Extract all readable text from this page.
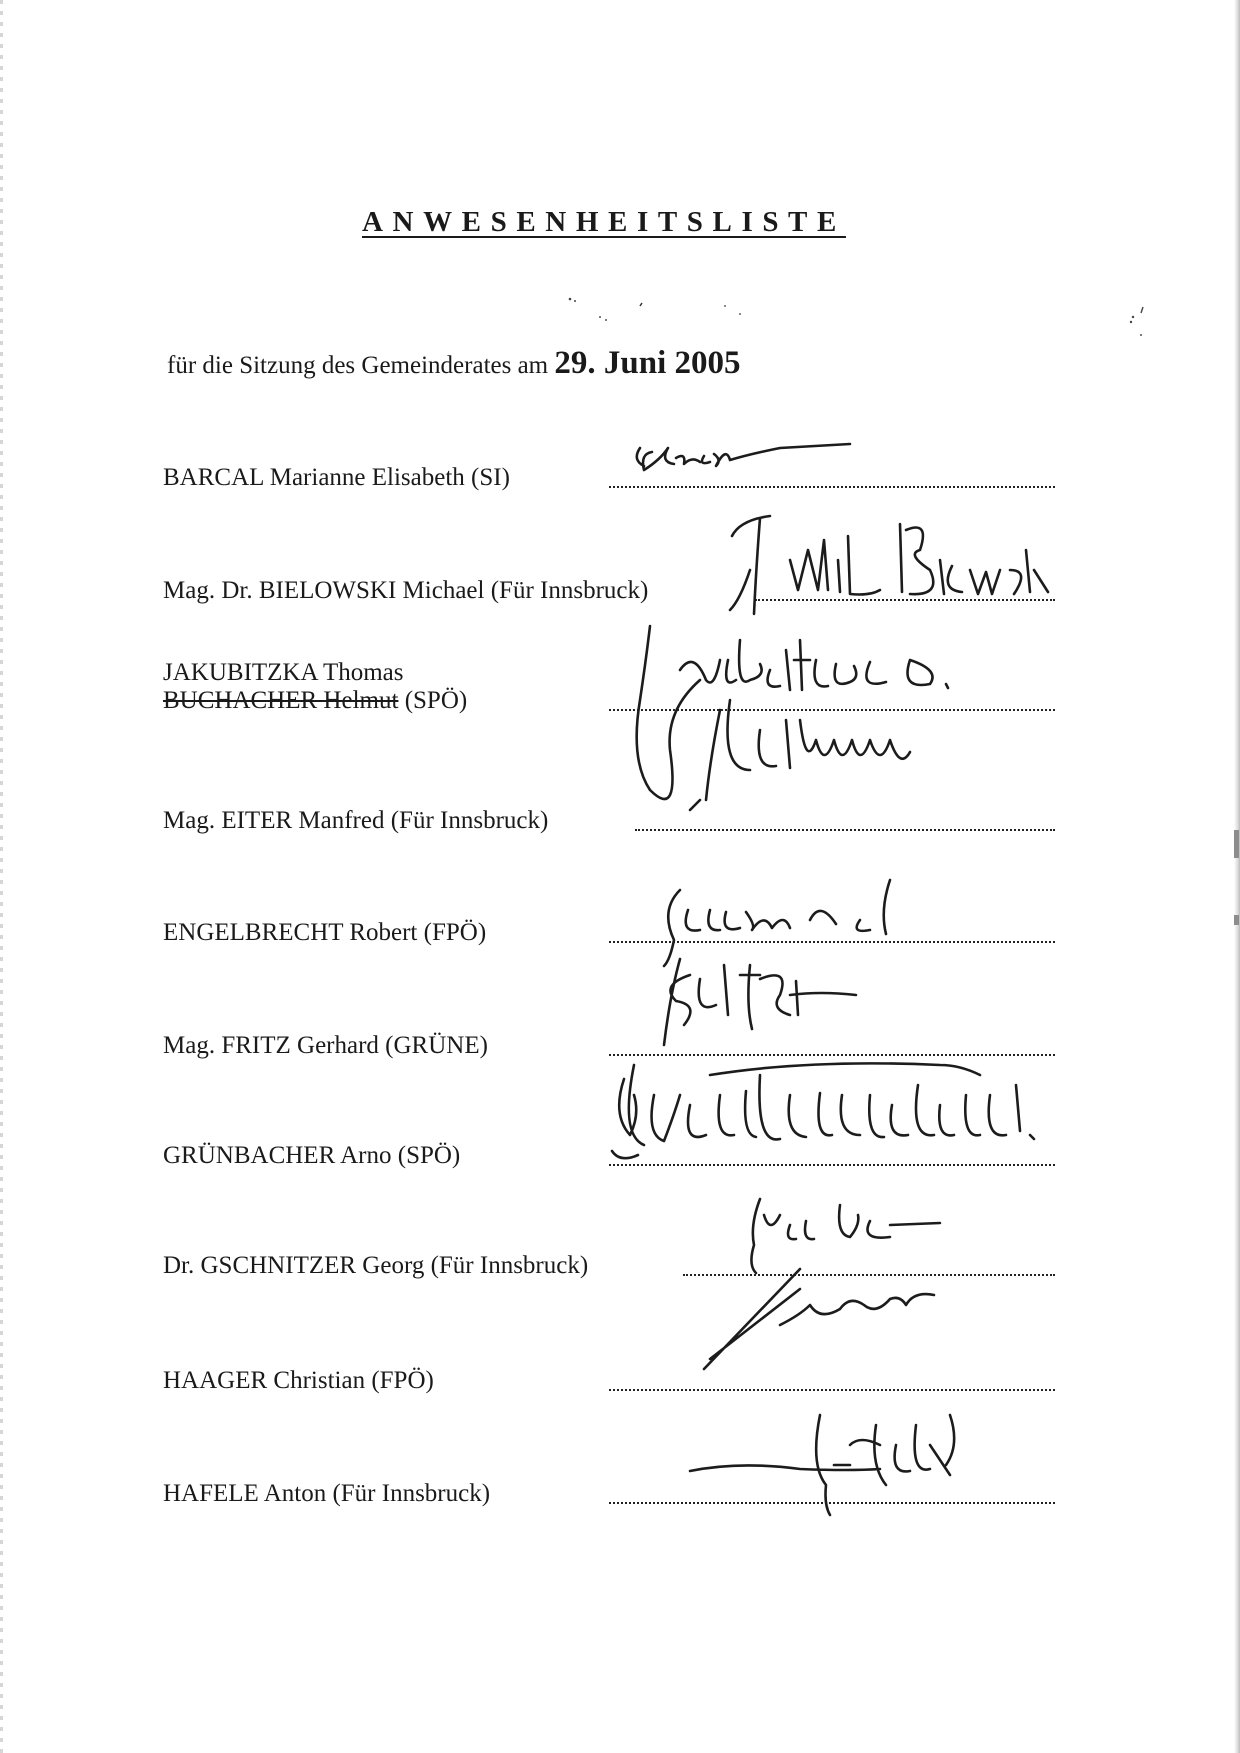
ANWESENHEITSLISTE
für die Sitzung des Gemeinderates am 29. Juni 2005
BARCAL Marianne Elisabeth (SI)
Mag. Dr. BIELOWSKI Michael (Für Innsbruck)
JAKUBITZKA Thomas
BUCHACHER Helmut (SPÖ)
Mag. EITER Manfred (Für Innsbruck)
ENGELBRECHT Robert (FPÖ)
Mag. FRITZ Gerhard (GRÜNE)
GRÜNBACHER Arno (SPÖ)
Dr. GSCHNITZER Georg (Für Innsbruck)
HAAGER Christian (FPÖ)
HAFELE Anton (Für Innsbruck)
